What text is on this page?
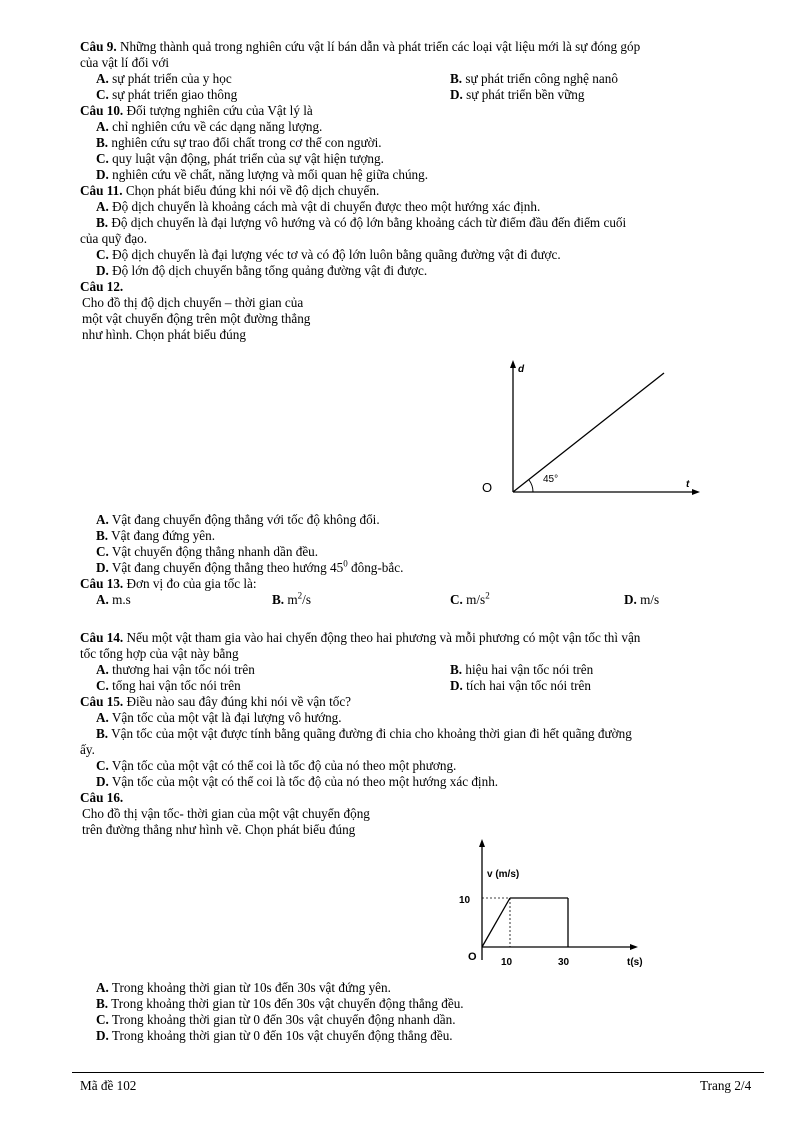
Câu 9. Những thành quả trong nghiên cứu vật lí bán dẫn và phát triển các loại vật liệu mới là sự đóng góp
của vật lí đối với
A. sự phát triển của y học	B. sự phát triển công nghệ nanô
C. sự phát triển giao thông	D. sự phát triển bền vững
Câu 10. Đối tượng nghiên cứu của Vật lý là
A. chỉ nghiên cứu về các dạng năng lượng.
B. nghiên cứu sự trao đổi chất trong cơ thể con người.
C. quy luật vận động, phát triển của sự vật hiện tượng.
D. nghiên cứu về chất, năng lượng và mối quan hệ giữa chúng.
Câu 11. Chọn phát biểu đúng khi nói về độ dịch chuyển.
A. Độ dịch chuyển là khoảng cách mà vật di chuyển được theo một hướng xác định.
B. Độ dịch chuyển là đại lượng vô hướng và có độ lớn bằng khoảng cách từ điểm đầu đến điểm cuối
của quỹ đạo.
C. Độ dịch chuyển là đại lượng véc tơ và có độ lớn luôn bằng quãng đường vật đi được.
D. Độ lớn độ dịch chuyển bằng tổng quảng đường vật đi được.
Câu 12.
Cho đồ thị độ dịch chuyển – thời gian của
một vật chuyển động trên một đường thẳng
như hình. Chọn phát biểu đúng
d
t
O
45°
A. Vật đang chuyển động thẳng với tốc độ không đổi.
B. Vật đang đứng yên.
C. Vật chuyển động thẳng nhanh dần đều.
D. Vật đang chuyển động thẳng theo hướng $45^0$ đông-bắc.
Câu 13. Đơn vị đo của gia tốc là:
A. m.s	B. $m^2/s$	C. $m/s^2$	D. m/s
Câu 14. Nếu một vật tham gia vào hai chyển động theo hai phương và mỗi phương có một vận tốc thì vận
tốc tổng hợp của vật này bằng
A. thương hai vận tốc nói trên	B. hiệu hai vận tốc nói trên
C. tổng hai vận tốc nói trên	D. tích hai vận tốc nói trên
Câu 15. Điều nào sau đây đúng khi nói về vận tốc?
A. Vận tốc của một vật là đại lượng vô hướng.
B. Vận tốc của một vật được tính bằng quãng đường đi chia cho khoảng thời gian đi hết quãng đường
ấy.
C. Vận tốc của một vật có thể coi là tốc độ của nó theo một phương.
D. Vận tốc của một vật có thể coi là tốc độ của nó theo một hướng xác định.
Câu 16.
Cho đồ thị vận tốc- thời gian của một vật chuyển động
trên đường thẳng như hình vẽ. Chọn phát biểu đúng
v (m/s)
10
O 10	30	t(s)
A. Trong khoảng thời gian từ 10s đến 30s vật đứng yên.
B. Trong khoảng thời gian từ 10s đến 30s vật chuyển động thẳng đều.
C. Trong khoảng thời gian từ 0 đến 30s vật chuyển động nhanh dần.
D. Trong khoảng thời gian từ 0 đến 10s vật chuyển động thẳng đều.
Mã đề 102	Trang 2/4
